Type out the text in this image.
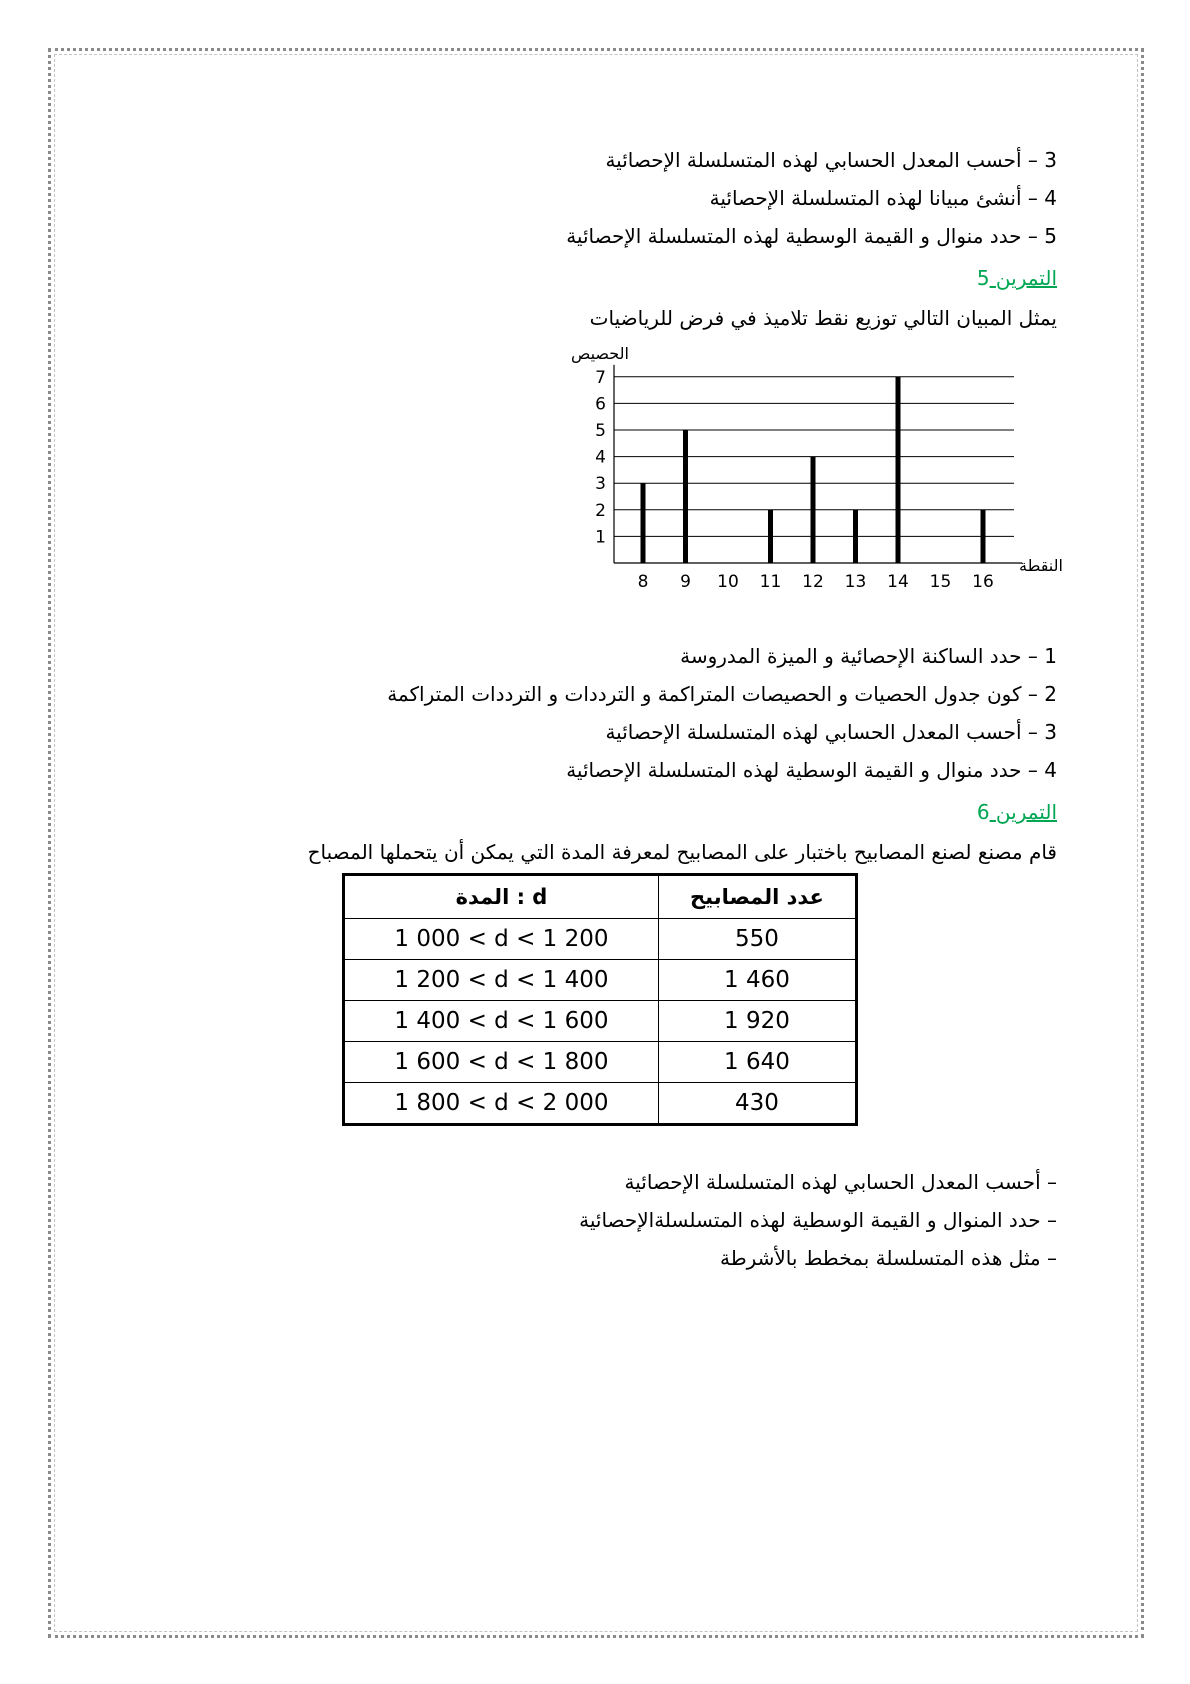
3 – أحسب المعدل الحسابي لهذه المتسلسلة الإحصائية

4 – أنشئ مبيانا لهذه المتسلسلة الإحصائية

5 – حدد منوال و القيمة الوسطية لهذه المتسلسلة الإحصائية

التمرين 5

يمثل المبيان التالي توزيع نقط تلاميذ في فرض للرياضيات

الحصيص
النقطة
1
2
3
4
5
6
7
8 9 10 11 12 13 14 15 16

1 – حدد الساكنة الإحصائية و الميزة المدروسة

2 – كون جدول الحصيات و الحصيصات المتراكمة و الترددات و الترددات المتراكمة

3 – أحسب المعدل الحسابي لهذه المتسلسلة الإحصائية

4 – حدد منوال و القيمة الوسطية لهذه المتسلسلة الإحصائية

التمرين 6

قام مصنع لصنع المصابيح باختبار على المصابيح لمعرفة المدة التي يمكن أن يتحملها المصباح

d : المدة	عدد المصابيح
1 000 < d < 1 200	550
1 200 < d < 1 400	1 460
1 400 < d < 1 600	1 920
1 600 < d < 1 800	1 640
1 800 < d < 2 000	430

– أحسب المعدل الحسابي لهذه المتسلسلة الإحصائية

– حدد المنوال و القيمة الوسطية لهذه المتسلسلةالإحصائية

– مثل هذه المتسلسلة بمخطط بالأشرطة
